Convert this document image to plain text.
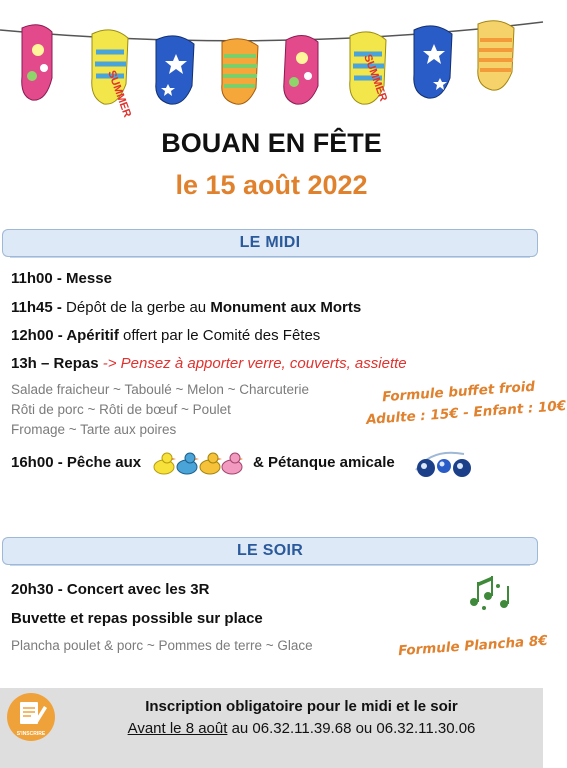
SUMMER	SUMMER
BOUAN EN FÊTE
le 15 août 2022
LE MIDI
11h00 - Messe
11h45 - Dépôt de la gerbe au Monument aux Morts
12h00 - Apéritif offert par le Comité des Fêtes
13h – Repas -> Pensez à apporter verre, couverts, assiette
Salade fraicheur ~ Taboulé ~ Melon ~ Charcuterie
Rôti de porc ~ Rôti de bœuf ~ Poulet
Fromage ~ Tarte aux poires
Formule buffet froid
Adulte : 15€ - Enfant : 10€
16h00 - Pêche aux	& Pétanque amicale
LE SOIR
20h30 - Concert avec les 3R
Buvette et repas possible sur place
Plancha poulet & porc ~ Pommes de terre ~ Glace	Formule Plancha 8€
Inscription obligatoire pour le midi et le soir
Avant le 8 août au 06.32.11.39.68 ou 06.32.11.30.06
S'INSCRIRE
